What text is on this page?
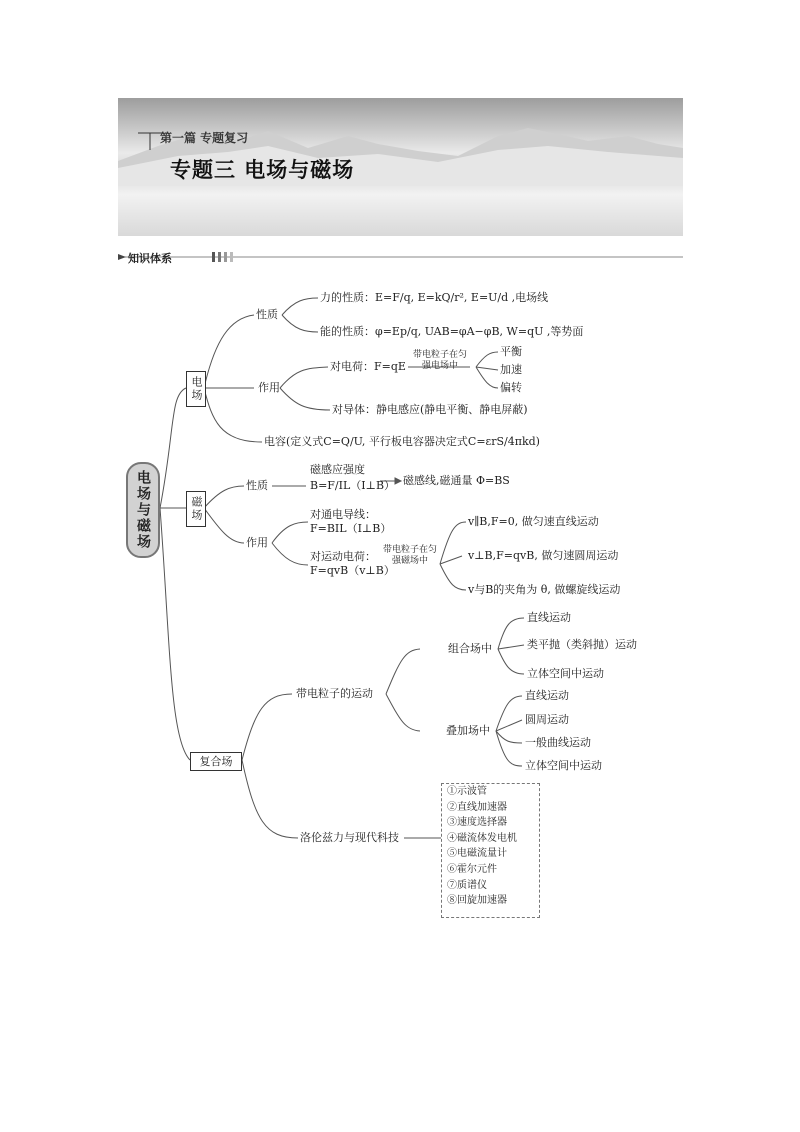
第一篇 专题复习
专题三 电场与磁场
知识体系
电场与磁场
电场
性质
力的性质：E=F/q, E=kQ/r², E=U/d ,电场线
能的性质：φ=Ep/q, UAB=φA−φB, W=qU ,等势面
作用
对电荷：F=qE
带电粒子在匀强电场中
平衡
加速
偏转
对导体：静电感应(静电平衡、静电屏蔽)
电容(定义式C=Q/U, 平行板电容器决定式C=εrS/4πkd)
磁场
性质
磁感应强度
B=F/IL（I⊥B） 磁感线,磁通量 Φ=BS
作用
对通电导线：
F=BIL（I⊥B）
对运动电荷：
F=qvB（v⊥B）
带电粒子在匀强磁场中
v∥B,F=0, 做匀速直线运动
v⊥B,F=qvB, 做匀速圆周运动
v与B的夹角为 θ, 做螺旋线运动
复合场
带电粒子的运动
组合场中
直线运动
类平抛（类斜抛）运动
立体空间中运动
叠加场中
直线运动
圆周运动
一般曲线运动
立体空间中运动
洛伦兹力与现代科技
①示波管
②直线加速器
③速度选择器
④磁流体发电机
⑤电磁流量计
⑥霍尔元件
⑦质谱仪
⑧回旋加速器
